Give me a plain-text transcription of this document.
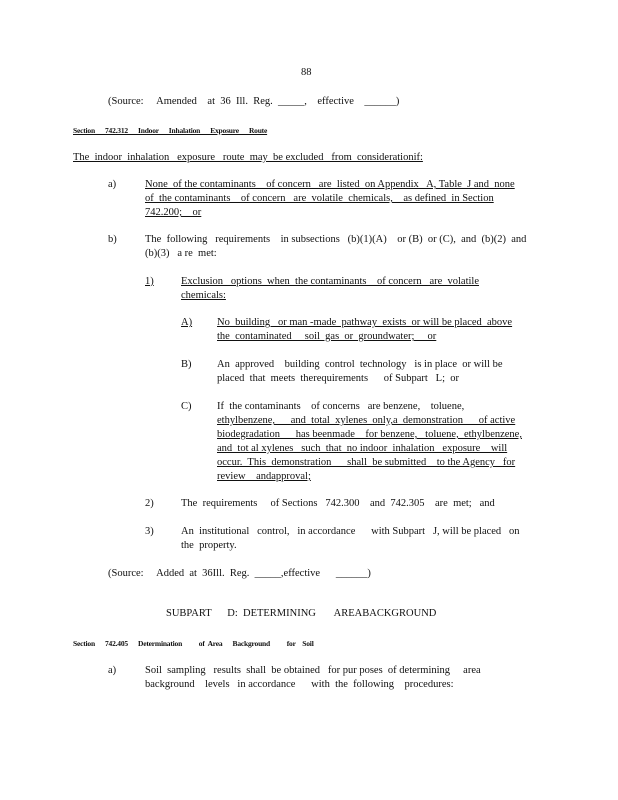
88
(Source:     Amended    at  36  Ill.  Reg.  _____,    effective    ______)
Section      742.312      Indoor      Inhalation      Exposure      Route
The  indoor  inhalation   exposure   route  may  be excluded   from  considerationif:
a)	None  of the contaminants    of concern   are  listed  on Appendix   A, Table  J and  none
of  the contaminants    of concern   are  volatile  chemicals,    as defined  in Section
742.200;    or
b)	The  following   requirements    in subsections   (b)(1)(A)    or (B)  or (C),  and  (b)(2)  and
(b)(3)   a re  met:
1)	Exclusion   options  when  the contaminants    of concern   are  volatile
chemicals:
A) No  building   or man -made  pathway  exists  or will be placed  above
the  contaminated     soil  gas  or  groundwater;     or
B) An  approved    building  control  technology   is in place  or will be
placed  that  meets  therequirements      of Subpart   L;  or
C) If  the contaminants    of concerns   are benzene,    toluene,
ethylbenzene,      and  total  xylenes  only,a  demonstration      of active
biodegradation      has beenmade    for benzene,   toluene,  ethylbenzene,
and  tot al xylenes   such  that  no indoor  inhalation   exposure    will
occur.  This  demonstration      shall  be submitted    to the Agency   for
review    andapproval;
2)	The  requirements     of Sections   742.300    and  742.305    are  met;   and
3)	An  institutional   control,   in accordance      with Subpart   J, will be placed   on
the  property.
(Source:     Added  at  36Ill.  Reg.  _____,effective      ______)
SUBPART      D:  DETERMINING       AREABACKGROUND
Section      742.405      Determination          of  Area      Background          for    Soil
a)	Soil  sampling   results  shall  be obtained   for pur poses  of determining     area
background    levels   in accordance      with  the  following    procedures:
